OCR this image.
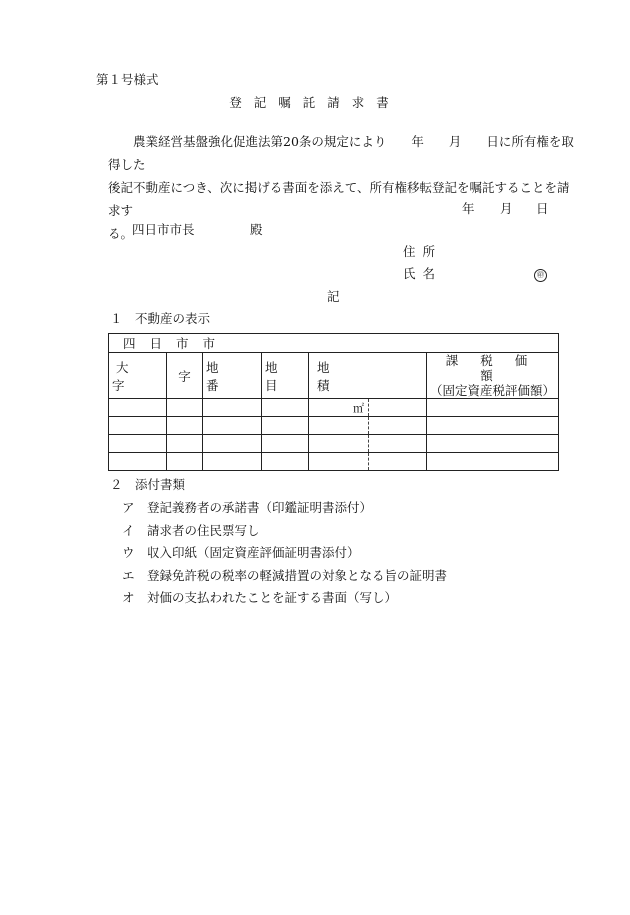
第１号様式
登記嘱託請求書
農業経営基盤強化促進法第20条の規定により　　年　　月　　日に所有権を取得した
後記不動産につき、次に掲げる書面を添えて、所有権移転登記を嘱託することを請求す
る。
年 月 日
四日市市長	殿
住所
氏名	㊞
記
１　不動産の表示
四日市市						
大字	字	地番	地目	地積		課税価額
（固定資産税評価額）

				㎡		

２　添付書類
ア　登記義務者の承諾書（印鑑証明書添付）
イ　請求者の住民票写し
ウ　収入印紙（固定資産評価証明書添付）
エ　登録免許税の税率の軽減措置の対象となる旨の証明書
オ　対価の支払われたことを証する書面（写し）
